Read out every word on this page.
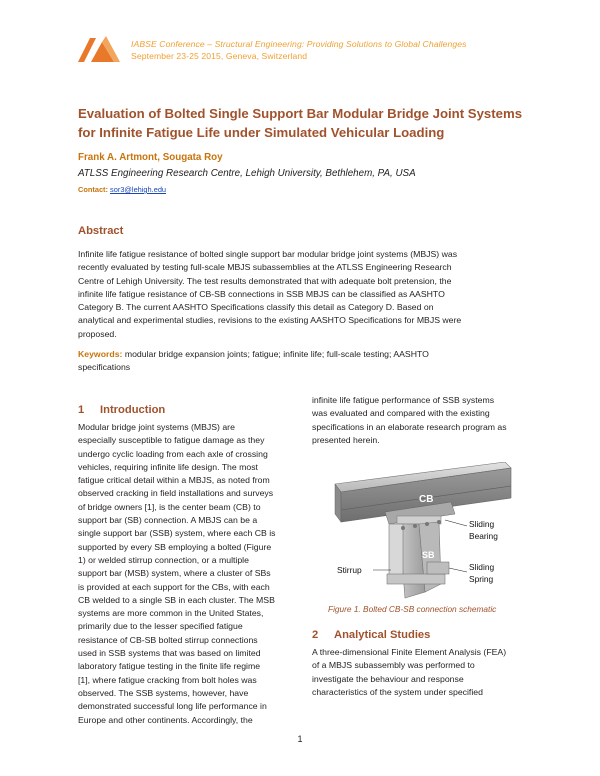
IABSE Conference – Structural Engineering: Providing Solutions to Global Challenges
September 23-25 2015, Geneva, Switzerland
Evaluation of Bolted Single Support Bar Modular Bridge Joint Systems
for Infinite Fatigue Life under Simulated Vehicular Loading
Frank A. Artmont, Sougata Roy
ATLSS Engineering Research Centre, Lehigh University, Bethlehem, PA, USA
Contact: sor3@lehigh.edu
Abstract
Infinite life fatigue resistance of bolted single support bar modular bridge joint systems (MBJS) was
recently evaluated by testing full-scale MBJS subassemblies at the ATLSS Engineering Research
Centre of Lehigh University. The test results demonstrated that with adequate bolt pretension, the
infinite life fatigue resistance of CB-SB connections in SSB MBJS can be classified as AASHTO
Category B. The current AASHTO Specifications classify this detail as Category D. Based on
analytical and experimental studies, revisions to the existing AASHTO Specifications for MBJS were
proposed.
Keywords: modular bridge expansion joints; fatigue; infinite life; full-scale testing; AASHTO
specifications
1 Introduction
Modular bridge joint systems (MBJS) are
especially susceptible to fatigue damage as they
undergo cyclic loading from each axle of crossing
vehicles, requiring infinite life design. The most
fatigue critical detail within a MBJS, as noted from
observed cracking in field installations and surveys
of bridge owners [1], is the center beam (CB) to
support bar (SB) connection. A MBJS can be a
single support bar (SSB) system, where each CB is
supported by every SB employing a bolted (Figure
1) or welded stirrup connection, or a multiple
support bar (MSB) system, where a cluster of SBs
is provided at each support for the CBs, with each
CB welded to a single SB in each cluster. The MSB
systems are more common in the United States,
primarily due to the lesser specified fatigue
resistance of CB-SB bolted stirrup connections
used in SSB systems that was based on limited
laboratory fatigue testing in the finite life regime
[1], where fatigue cracking from bolt holes was
observed. The SSB systems, however, have
demonstrated successful long life performance in
Europe and other continents. Accordingly, the
infinite life fatigue performance of SSB systems
was evaluated and compared with the existing
specifications in an elaborate research program as
presented herein.
CB
SB
Sliding
Bearing
Stirrup	Sliding
Spring
Figure 1. Bolted CB-SB connection schematic
2 Analytical Studies
A three-dimensional Finite Element Analysis (FEA)
of a MBJS subassembly was performed to
investigate the behaviour and response
characteristics of the system under specified
1
